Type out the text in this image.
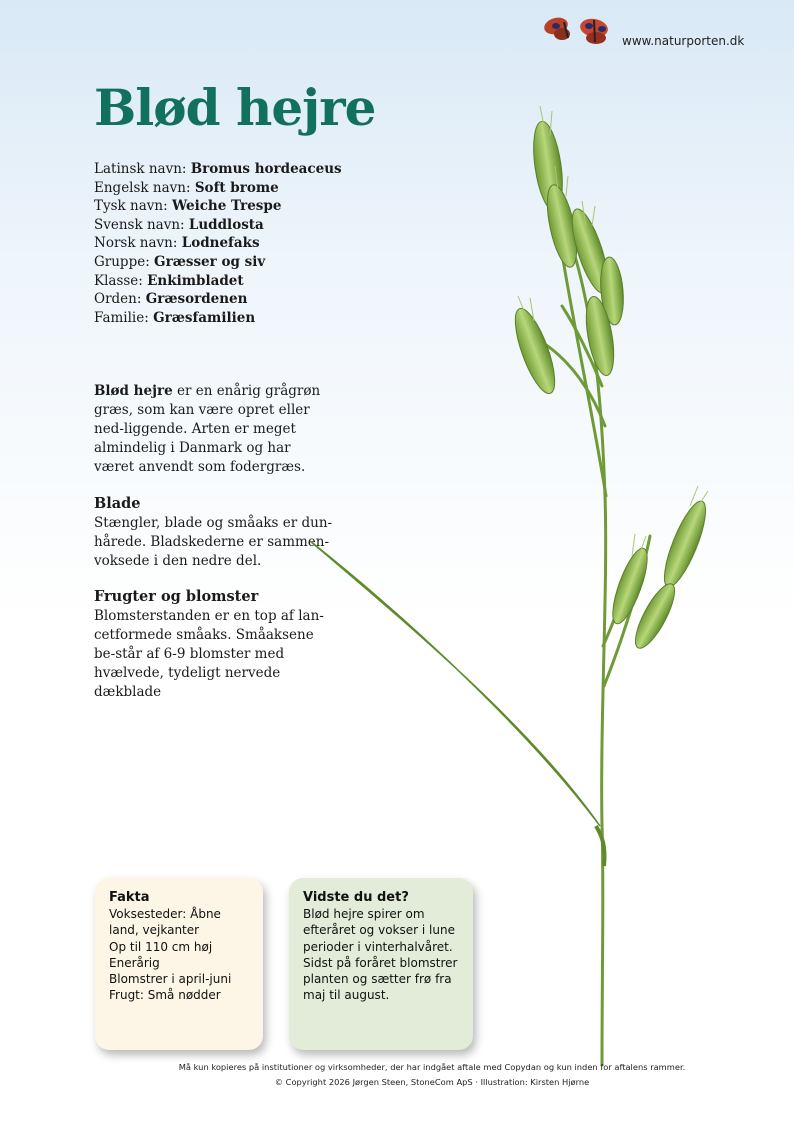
www.naturporten.dk
Blød hejre
Latinsk navn: Bromus hordeaceus
Engelsk navn: Soft brome
Tysk navn: Weiche Trespe
Svensk navn: Luddlosta
Norsk navn: Lodnefaks
Gruppe: Græsser og siv
Klasse: Enkimbladet
Orden: Græsordenen
Familie: Græsfamilien

Blød hejre er en enårig grågrøn græs, som kan være opret eller ned-liggende. Arten er meget almindelig i Danmark og har været anvendt som fodergræs.

Blade

Stængler, blade og småaks er dun-hårede. Bladskederne er sammen-voksede i den nedre del.

Frugter og blomster

Blomsterstanden er en top af lan-cetformede småaks. Småaksene be-står af 6-9 blomster med hvælvede, tydeligt nervede dækblade

Fakta
Voksesteder: Åbne land, vejkanter
Op til 110 cm høj
Enerårig
Blomstrer i april-juni
Frugt: Små nødder
Vidste du det?
Blød hejre spirer om efteråret og vokser i lune perioder i vinterhalvåret. Sidst på foråret blomstrer planten og sætter frø fra maj til august.
Må kun kopieres på institutioner og virksomheder, der har indgået aftale med Copydan og kun inden for aftalens rammer.
© Copyright 2026 Jørgen Steen, StoneCom ApS · Illustration: Kirsten Hjørne
